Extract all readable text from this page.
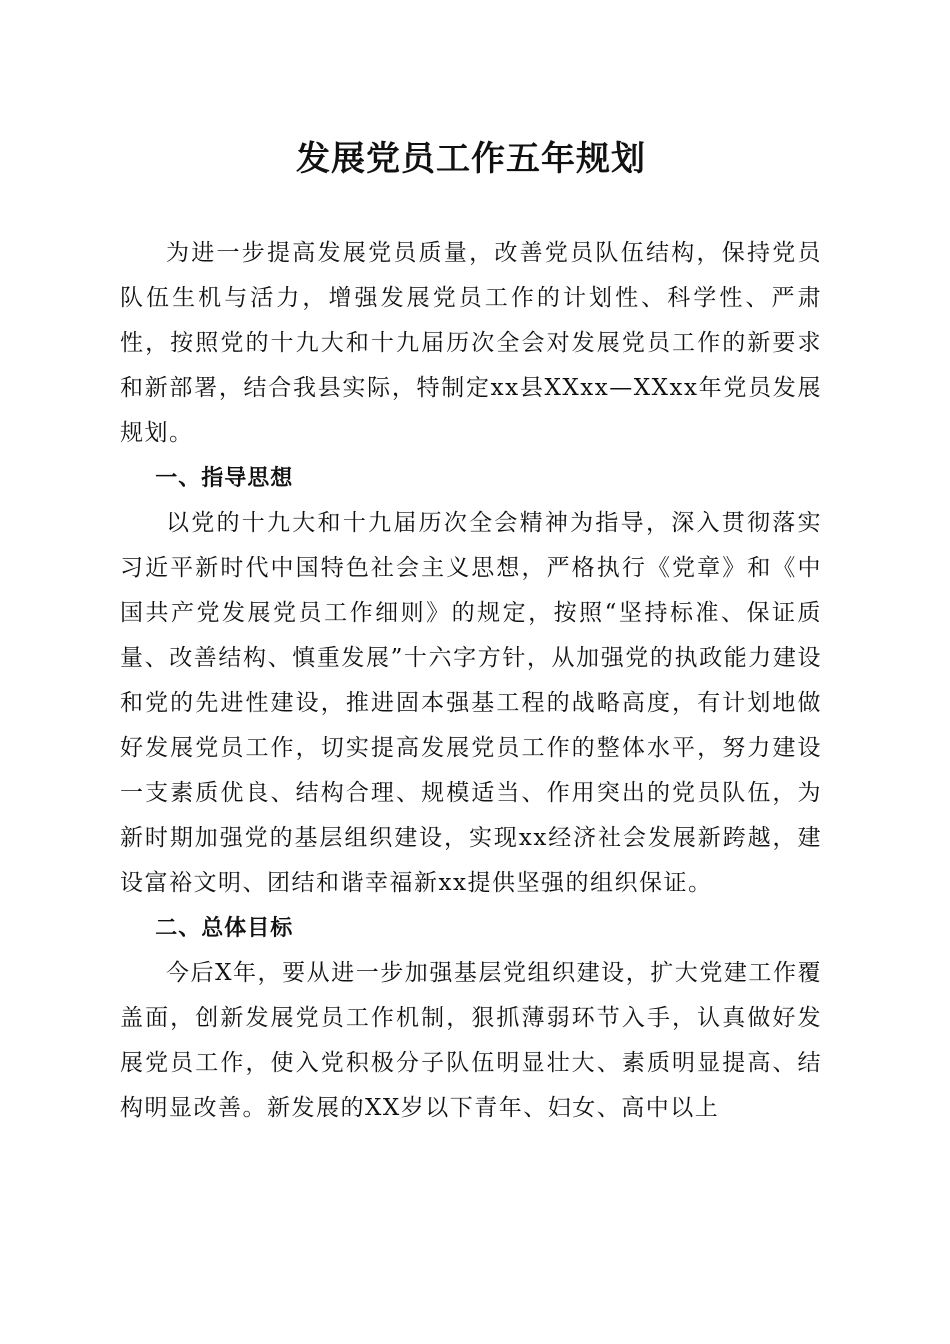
发展党员工作五年规划

为进一步提高发展党员质量，改善党员队伍结构，保持党员队伍生机与活力，增强发展党员工作的计划性、科学性、严肃性，按照党的十九大和十九届历次全会对发展党员工作的新要求和新部署，结合我县实际，特制定xx县XXxx—XXxx年党员发展规划。

一、指导思想

以党的十九大和十九届历次全会精神为指导，深入贯彻落实习近平新时代中国特色社会主义思想，严格执行《党章》和《中国共产党发展党员工作细则》的规定，按照“坚持标准、保证质量、改善结构、慎重发展”十六字方针，从加强党的执政能力建设和党的先进性建设，推进固本强基工程的战略高度，有计划地做好发展党员工作，切实提高发展党员工作的整体水平，努力建设一支素质优良、结构合理、规模适当、作用突出的党员队伍，为新时期加强党的基层组织建设，实现xx经济社会发展新跨越，建设富裕文明、团结和谐幸福新xx提供坚强的组织保证。

二、总体目标

今后X年，要从进一步加强基层党组织建设，扩大党建工作覆盖面，创新发展党员工作机制，狠抓薄弱环节入手，认真做好发展党员工作，使入党积极分子队伍明显壮大、素质明显提高、结构明显改善。新发展的XX岁以下青年、妇女、高中以上
